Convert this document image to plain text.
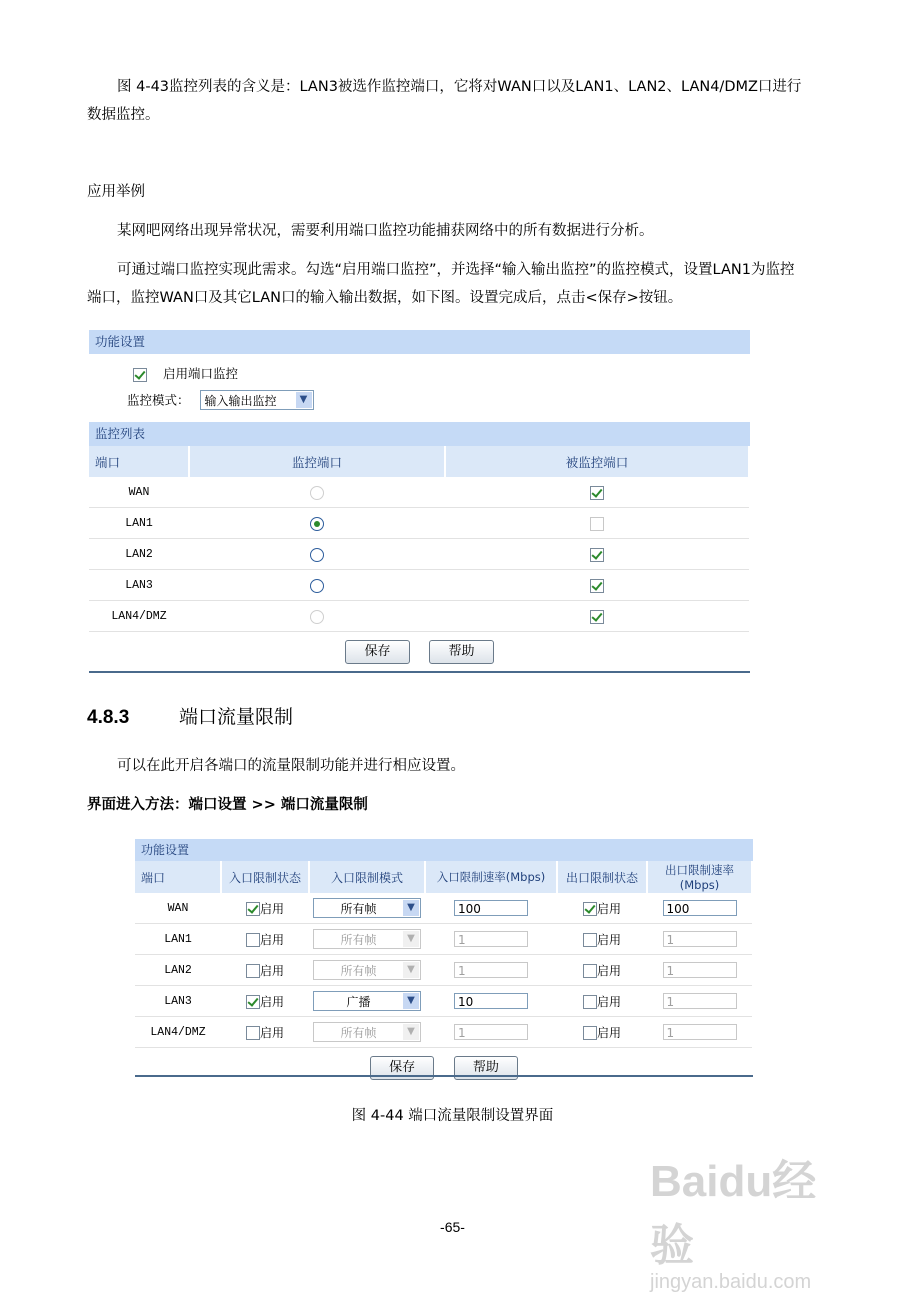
图 4-43监控列表的含义是：LAN3被选作监控端口，它将对WAN口以及LAN1、LAN2、LAN4/DMZ口进行数据监控。
应用举例
某网吧网络出现异常状况，需要利用端口监控功能捕获网络中的所有数据进行分析。
可通过端口监控实现此需求。勾选“启用端口监控”，并选择“输入输出监控”的监控模式，设置LAN1为监控端口，监控WAN口及其它LAN口的输入输出数据，如下图。设置完成后，点击<保存>按钮。
功能设置
启用端口监控
监控模式：	输入输出监控	▼
监控列表
端口	监控端口	被监控端口
WAN		
LAN1		
LAN2		
LAN3		
LAN4/DMZ		
保存	帮助
4.8.3	端口流量限制
可以在此开启各端口的流量限制功能并进行相应设置。
界面进入方法：端口设置 >> 端口流量限制
功能设置
端口	入口限制状态	入口限制模式	入口限制速率(Mbps)	出口限制状态	出口限制速率(Mbps)
WAN	启用	所有帧 ▼	100	启用	100
LAN1	启用	所有帧 ▼	1	启用	1
LAN2	启用	所有帧 ▼	1	启用	1
LAN3	启用	广播 ▼	10	启用	1
LAN4/DMZ	启用	所有帧 ▼	1	启用	1
保存	帮助
图 4-44 端口流量限制设置界面
Baidu经验
jingyan.baidu.com
-65-
